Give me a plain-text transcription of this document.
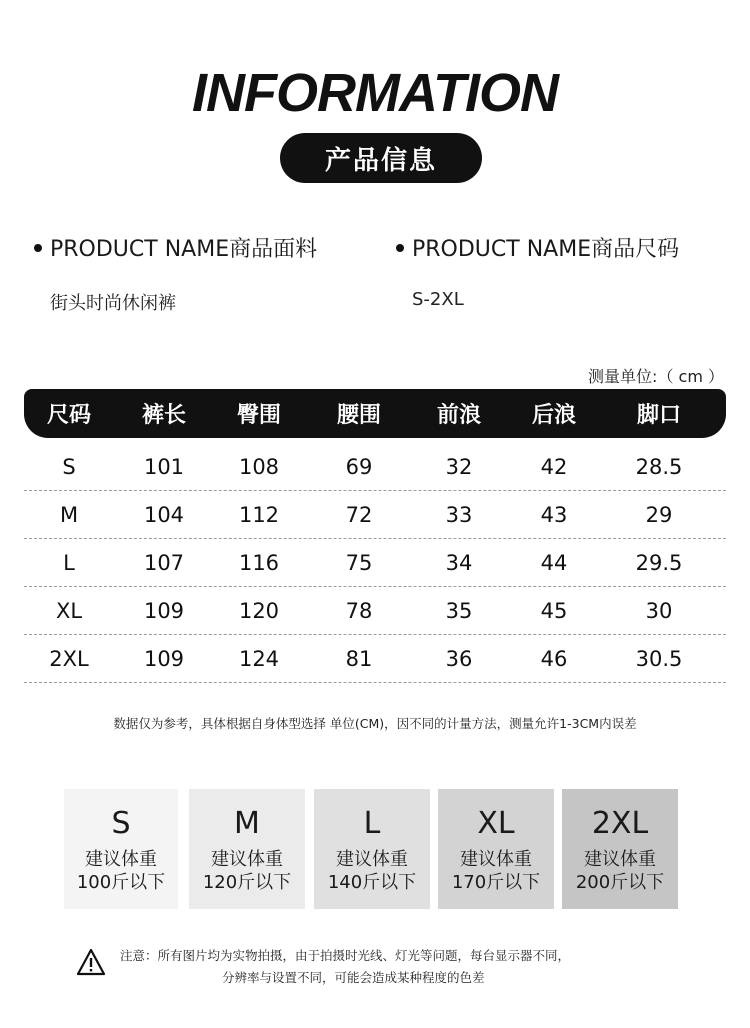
INFORMATION
产品信息
PRODUCT NAME商品面料
街头时尚休闲裤
PRODUCT NAME商品尺码
S-2XL
测量单位:（ cm ）
尺码	裤长	臀围	腰围	前浪	后浪	脚口
S	101	108	69	32	42	28.5
M	104	112	72	33	43	29
L	107	116	75	34	44	29.5
XL	109	120	78	35	45	30
2XL	109	124	81	36	46	30.5
数据仅为参考，具体根据自身体型选择 单位(CM)，因不同的计量方法，测量允许1-3CM内误差
S
建议体重
100斤以下
M
建议体重
120斤以下
L
建议体重
140斤以下
XL
建议体重
170斤以下
2XL
建议体重
200斤以下
注意：所有图片均为实物拍摄，由于拍摄时光线、灯光等问题，每台显示器不同，
分辨率与设置不同，可能会造成某种程度的色差
